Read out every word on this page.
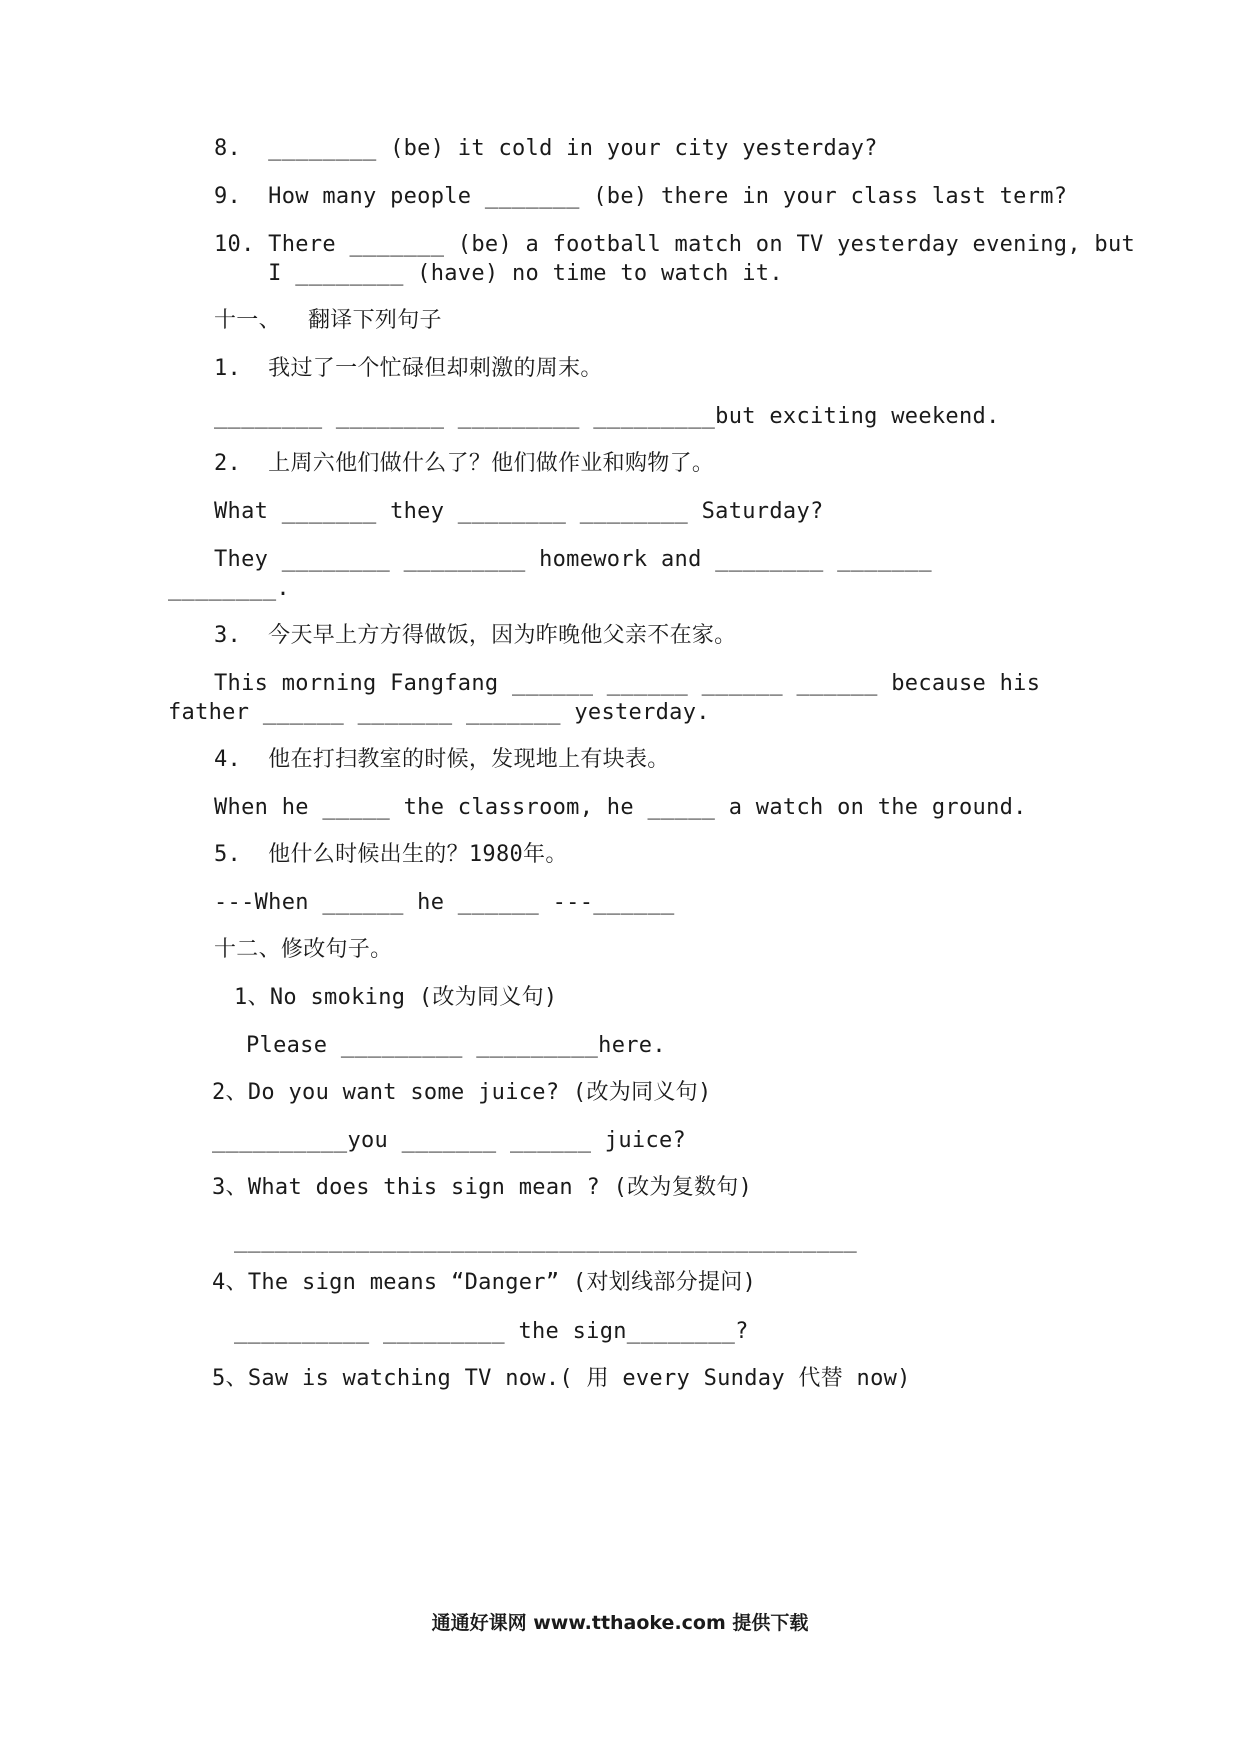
8.  ________ (be) it cold in your city yesterday?
9.  How many people _______ (be) there in your class last term?
10. There _______ (be) a football match on TV yesterday evening, but
I ________ (have) no time to watch it.
十一、  翻译下列句子
1.  我过了一个忙碌但却刺激的周末。
________ ________ _________ _________but exciting weekend.
2.  上周六他们做什么了？他们做作业和购物了。
What _______ they ________ ________ Saturday?
They ________ _________ homework and ________ _______
________.
3.  今天早上方方得做饭，因为昨晚他父亲不在家。
This morning Fangfang ______ ______ ______ ______ because his
father ______ _______ _______ yesterday.
4.  他在打扫教室的时候，发现地上有块表。
When he _____ the classroom, he _____ a watch on the ground.
5.  他什么时候出生的？1980年。
---When ______ he ______ ---______
十二、修改句子。
1、No smoking (改为同义句)
Please _________ _________here.
2、Do you want some juice? (改为同义句)
__________you _______ ______ juice?
3、What does this sign mean ? (改为复数句)
______________________________________________
4、The sign means “Danger” (对划线部分提问)
__________ _________ the sign________?
5、Saw is watching TV now.( 用 every Sunday 代替 now)
通通好课网 www.tthaoke.com 提供下载
